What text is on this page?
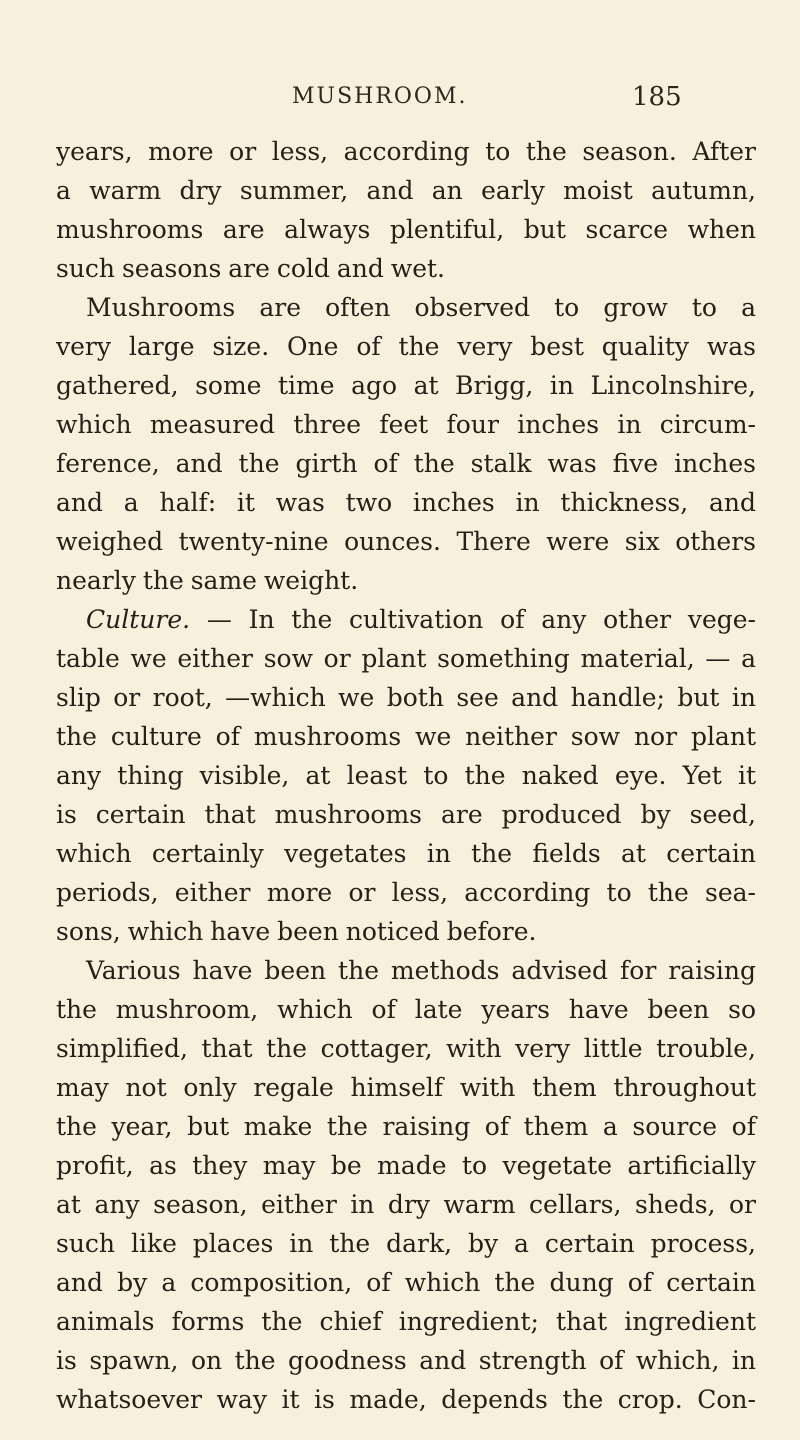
MUSHROOM.	185
years, more or less, according to the season. After
a warm dry summer, and an early moist autumn,
mushrooms are always plentiful, but scarce when
such seasons are cold and wet.
Mushrooms are often observed to grow to a
very large size. One of the very best quality was
gathered, some time ago at Brigg, in Lincolnshire,
which measured three feet four inches in circum-
ference, and the girth of the stalk was five inches
and a half: it was two inches in thickness, and
weighed twenty-nine ounces. There were six others
nearly the same weight.
Culture. — In the cultivation of any other vege-
table we either sow or plant something material, — a
slip or root, —which we both see and handle; but in
the culture of mushrooms we neither sow nor plant
any thing visible, at least to the naked eye. Yet it
is certain that mushrooms are produced by seed,
which certainly vegetates in the fields at certain
periods, either more or less, according to the sea-
sons, which have been noticed before.
Various have been the methods advised for raising
the mushroom, which of late years have been so
simplified, that the cottager, with very little trouble,
may not only regale himself with them throughout
the year, but make the raising of them a source of
profit, as they may be made to vegetate artificially
at any season, either in dry warm cellars, sheds, or
such like places in the dark, by a certain process,
and by a composition, of which the dung of certain
animals forms the chief ingredient; that ingredient
is spawn, on the goodness and strength of which, in
whatsoever way it is made, depends the crop. Con-
